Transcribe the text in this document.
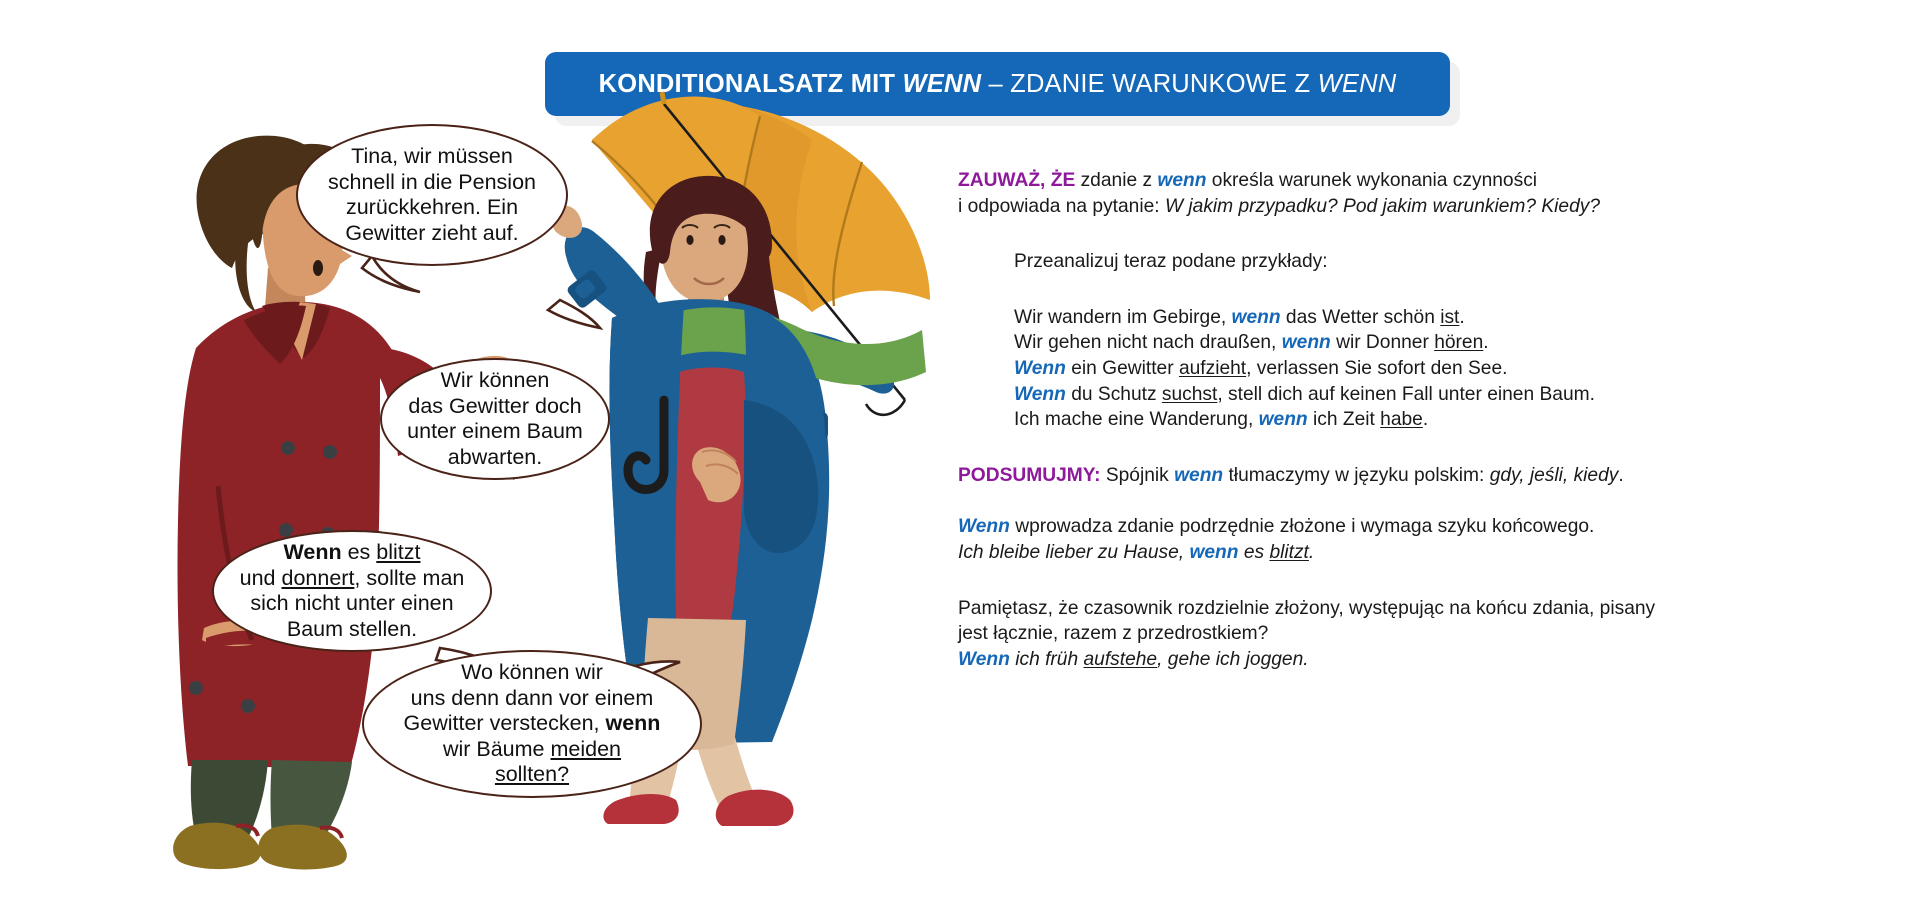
KONDITIONALSATZ MIT WENN – ZDANIE WARUNKOWE Z WENN
Tina, wir müssen
schnell in die Pension
zurückkehren. Ein
Gewitter zieht auf.
Wir können
das Gewitter doch
unter einem Baum
abwarten.
Wenn es blitzt
und donnert, sollte man
sich nicht unter einen
Baum stellen.
Wo können wir
uns denn dann vor einem
Gewitter verstecken, wenn
wir Bäume meiden
sollten?

ZAUWAŻ, ŻE zdanie z wenn określa warunek wykonania czynności

i odpowiada na pytanie: W jakim przypadku? Pod jakim warunkiem? Kiedy?

Przeanalizuj teraz podane przykłady:

Wir wandern im Gebirge, wenn das Wetter schön ist.

Wir gehen nicht nach draußen, wenn wir Donner hören.

Wenn ein Gewitter aufzieht, verlassen Sie sofort den See.

Wenn du Schutz suchst, stell dich auf keinen Fall unter einen Baum.

Ich mache eine Wanderung, wenn ich Zeit habe.

PODSUMUJMY: Spójnik wenn tłumaczymy w języku polskim: gdy, jeśli, kiedy.

Wenn wprowadza zdanie podrzędnie złożone i wymaga szyku końcowego.

Ich bleibe lieber zu Hause, wenn es blitzt.

Pamiętasz, że czasownik rozdzielnie złożony, występując na końcu zdania, pisany

jest łącznie, razem z przedrostkiem?

Wenn ich früh aufstehe, gehe ich joggen.
